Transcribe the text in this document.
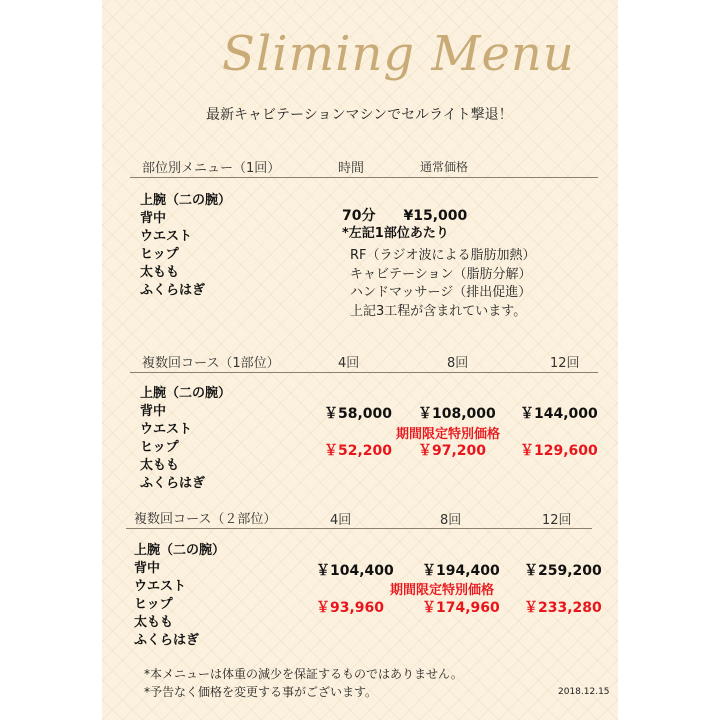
Sliming Menu
最新キャビテーションマシンでセルライト撃退！
部位別メニュー（1回）	時間	通常価格
上腕（二の腕）
背中
ウエスト
ヒップ
太もも
ふくらはぎ
70分　　¥15,000
*左記1部位あたり
RF（ラジオ波による脂肪加熱）
キャビテーション（脂肪分解）
ハンドマッサージ（排出促進）
上記3工程が含まれています。
複数回コース（1部位）	4回	8回	12回
上腕（二の腕）
背中
ウエスト
ヒップ
太もも
ふくらはぎ
￥58,000 ￥108,000 ￥144,000
期間限定特別価格
￥52,200 ￥97,200 ￥129,600
複数回コース（２部位）	4回	8回	12回
上腕（二の腕）
背中
ウエスト
ヒップ
太もも
ふくらはぎ
￥104,400 ￥194,400 ￥259,200
期間限定特別価格
￥93,960	￥174,960 ￥233,280
*本メニューは体重の減少を保証するものではありません。
*予告なく価格を変更する事がございます。	2018.12.15
